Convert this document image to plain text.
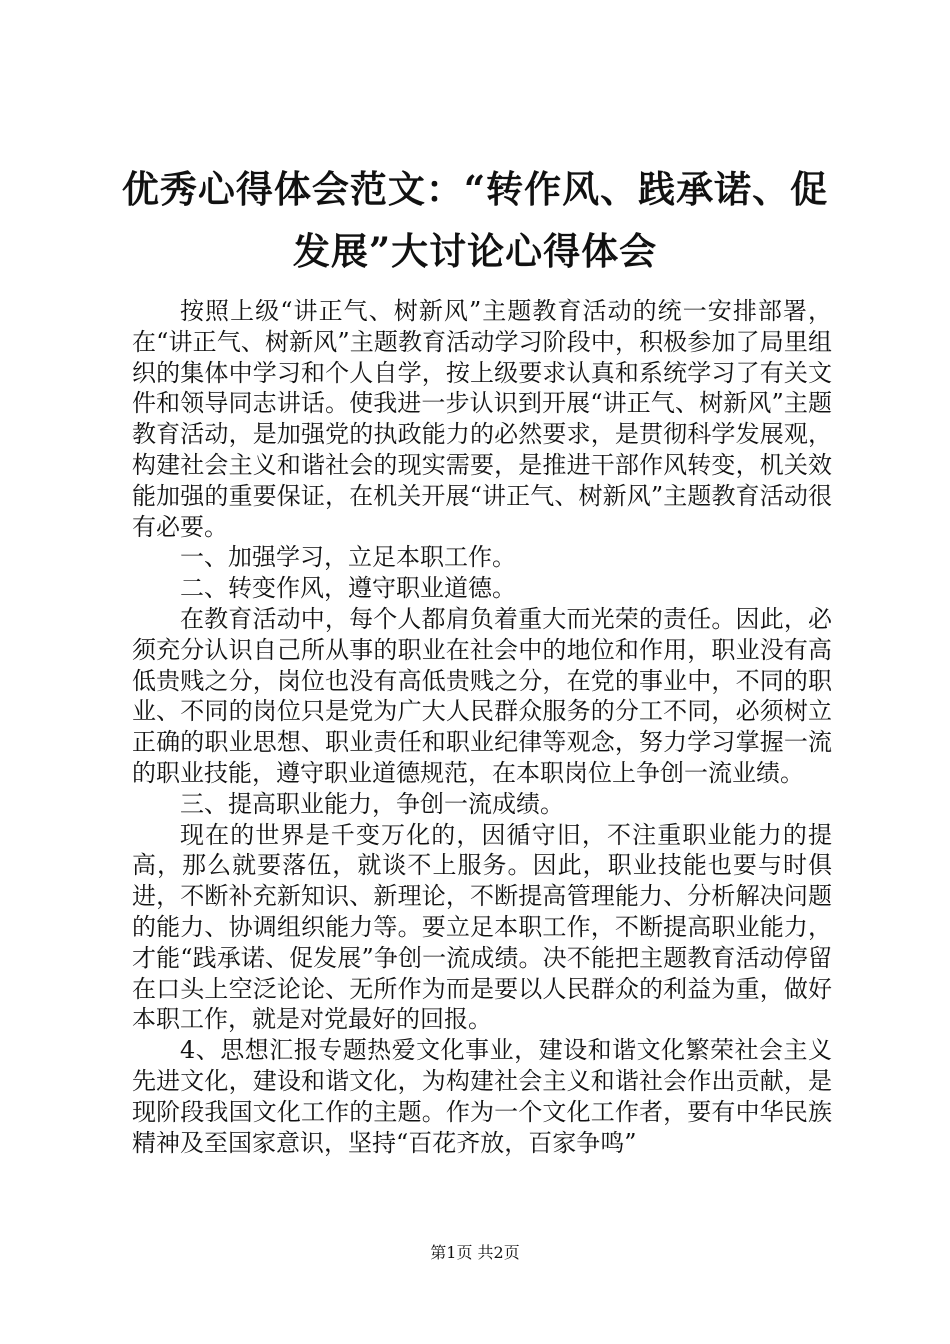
优秀心得体会范文：“转作风、践承诺、促发展”大讨论心得体会

按照上级“讲正气、树新风”主题教育活动的统一安排部署，在“讲正气、树新风”主题教育活动学习阶段中，积极参加了局里组织的集体中学习和个人自学，按上级要求认真和系统学习了有关文件和领导同志讲话。使我进一步认识到开展“讲正气、树新风”主题教育活动，是加强党的执政能力的必然要求，是贯彻科学发展观，构建社会主义和谐社会的现实需要，是推进干部作风转变，机关效能加强的重要保证，在机关开展“讲正气、树新风”主题教育活动很有必要。

一、加强学习，立足本职工作。

二、转变作风，遵守职业道德。

在教育活动中，每个人都肩负着重大而光荣的责任。因此，必须充分认识自己所从事的职业在社会中的地位和作用，职业没有高低贵贱之分，岗位也没有高低贵贱之分，在党的事业中，不同的职业、不同的岗位只是党为广大人民群众服务的分工不同，必须树立正确的职业思想、职业责任和职业纪律等观念，努力学习掌握一流的职业技能，遵守职业道德规范，在本职岗位上争创一流业绩。

三、提高职业能力，争创一流成绩。

现在的世界是千变万化的，因循守旧，不注重职业能力的提高，那么就要落伍，就谈不上服务。因此，职业技能也要与时俱进，不断补充新知识、新理论，不断提高管理能力、分析解决问题的能力、协调组织能力等。要立足本职工作，不断提高职业能力，才能“践承诺、促发展”争创一流成绩。决不能把主题教育活动停留在口头上空泛论论、无所作为而是要以人民群众的利益为重，做好本职工作，就是对党最好的回报。

4、思想汇报专题热爱文化事业，建设和谐文化繁荣社会主义先进文化，建设和谐文化，为构建社会主义和谐社会作出贡献，是现阶段我国文化工作的主题。作为一个文化工作者，要有中华民族精神及至国家意识，坚持“百花齐放，百家争鸣”

第1页 共2页
